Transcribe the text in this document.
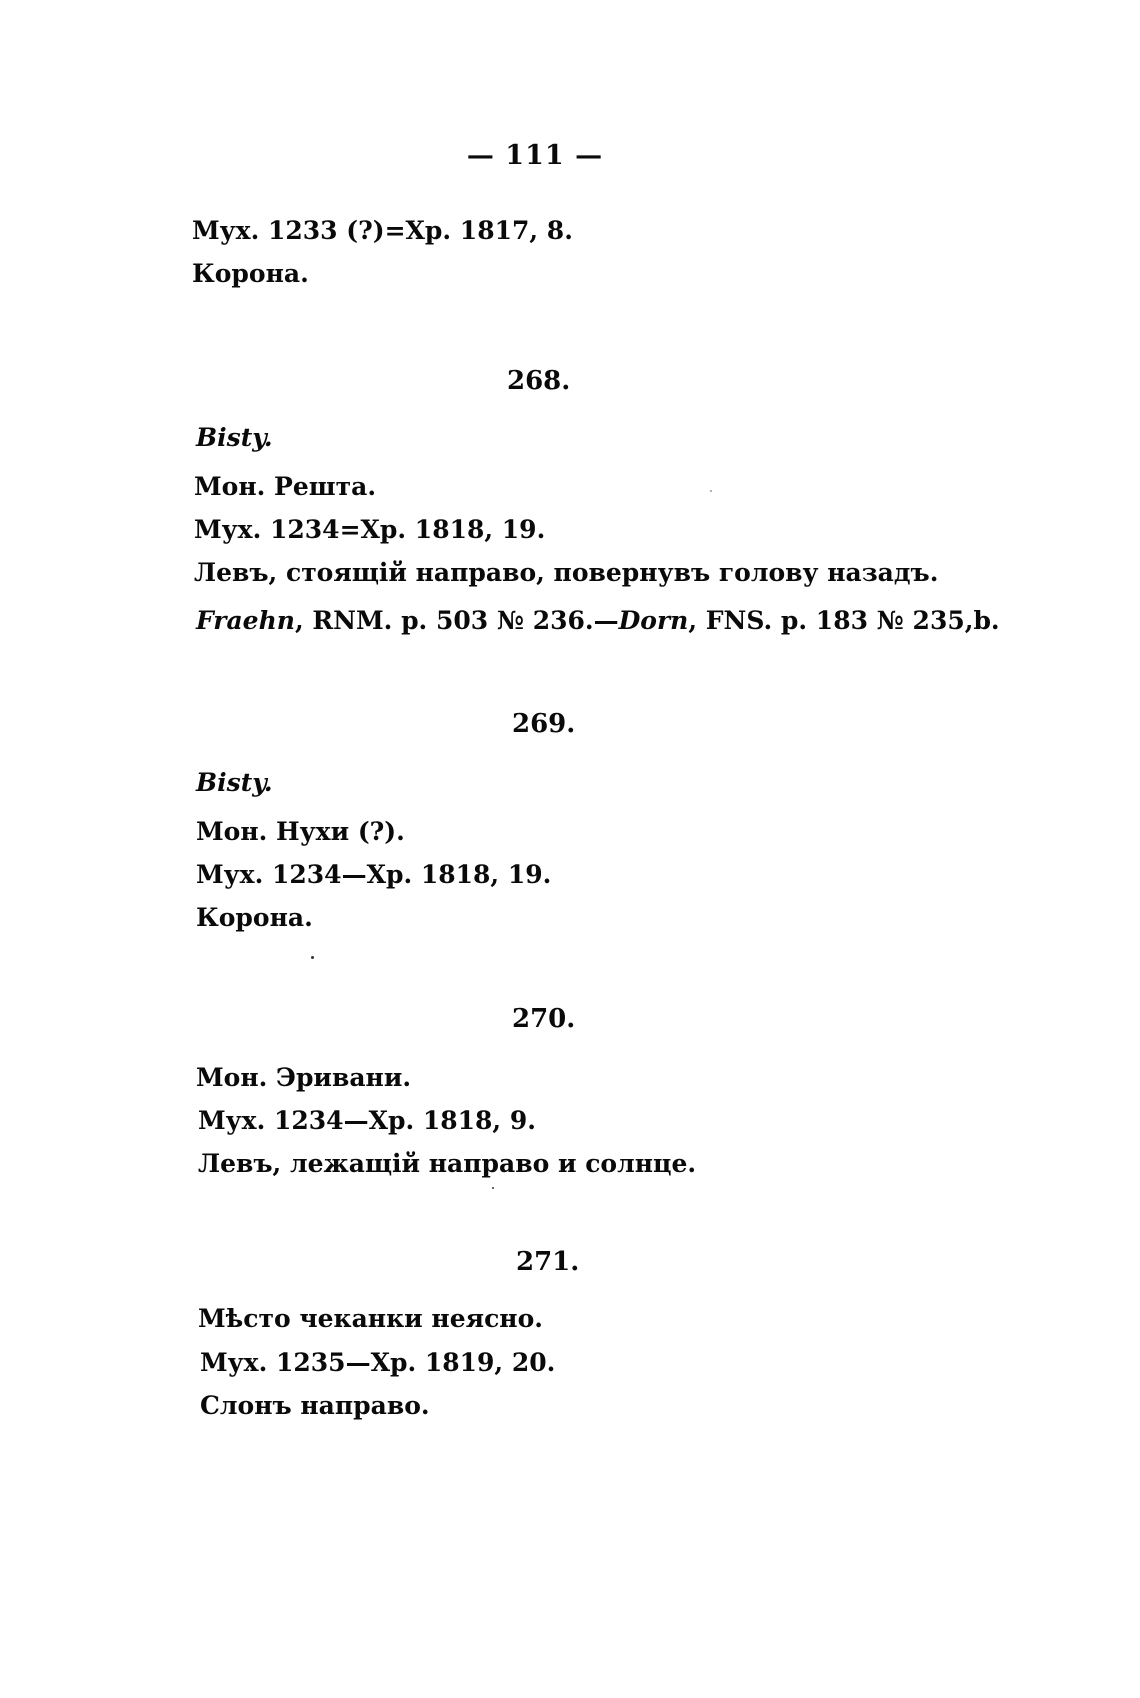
— 111 —
Мух. 1233 (?)=Хр. 1817, 8.
Корона.
268.
Bisty.
Мон. Решта.
Мух. 1234=Хр. 1818, 19.
Левъ, стоящій направо, повернувъ голову назадъ.
Fraehn, RNM. p. 503 № 236.—Dorn, FNS. p. 183 № 235,b.
269.
Bisty.
Мон. Нухи (?).
Мух. 1234—Хр. 1818, 19.
Корона.
270.
Мон. Эривани.
Мух. 1234—Хр. 1818, 9.
Левъ, лежащій направо и солнце.
271.
Мѣсто чеканки неясно.
Мух. 1235—Хр. 1819, 20.
Слонъ направо.
